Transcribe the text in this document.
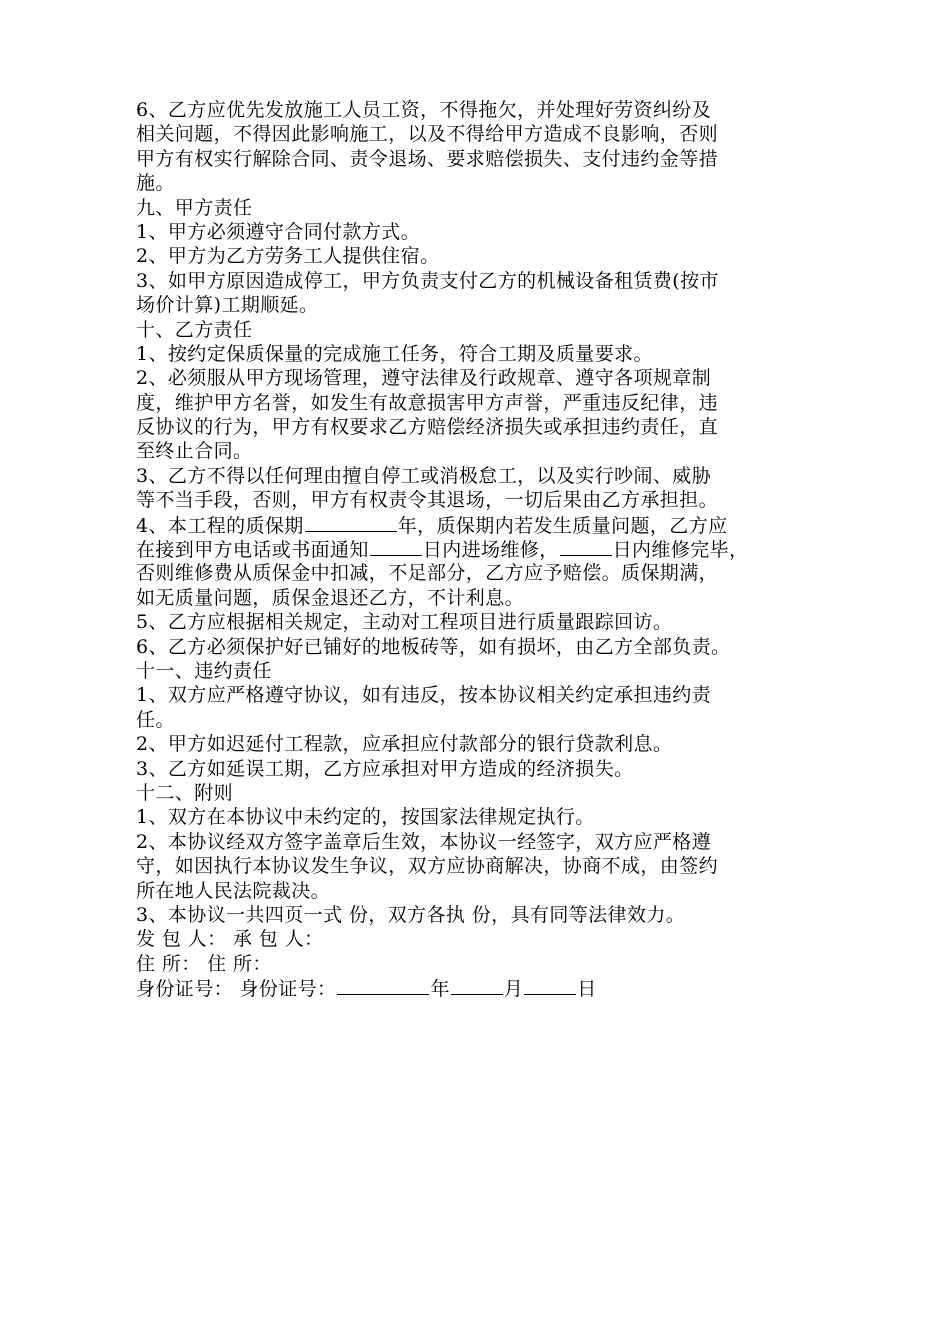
6、乙方应优先发放施工人员工资，不得拖欠，并处理好劳资纠纷及
相关问题，不得因此影响施工，以及不得给甲方造成不良影响，否则
甲方有权实行解除合同、责令退场、要求赔偿损失、支付违约金等措
施。
九、甲方责任
1、甲方必须遵守合同付款方式。
2、甲方为乙方劳务工人提供住宿。
3、如甲方原因造成停工，甲方负责支付乙方的机械设备租赁费(按市
场价计算)工期顺延。
十、乙方责任
1、按约定保质保量的完成施工任务，符合工期及质量要求。
2、必须服从甲方现场管理，遵守法律及行政规章、遵守各项规章制
度，维护甲方名誉，如发生有故意损害甲方声誉，严重违反纪律，违
反协议的行为，甲方有权要求乙方赔偿经济损失或承担违约责任，直
至终止合同。
3、乙方不得以任何理由擅自停工或消极怠工，以及实行吵闹、威胁
等不当手段，否则，甲方有权责令其退场，一切后果由乙方承担担。
4、本工程的质保期	年，质保期内若发生质量问题，乙方应
在接到甲方电话或书面通知	日内进场维修，	日内维修完毕，
否则维修费从质保金中扣减，不足部分，乙方应予赔偿。质保期满，
如无质量问题，质保金退还乙方，不计利息。
5、乙方应根据相关规定，主动对工程项目进行质量跟踪回访。
6、乙方必须保护好已铺好的地板砖等，如有损坏，由乙方全部负责。
十一、违约责任
1、双方应严格遵守协议，如有违反，按本协议相关约定承担违约责
任。
2、甲方如迟延付工程款，应承担应付款部分的银行贷款利息。
3、乙方如延误工期，乙方应承担对甲方造成的经济损失。
十二、附则
1、双方在本协议中未约定的，按国家法律规定执行。
2、本协议经双方签字盖章后生效，本协议一经签字，双方应严格遵
守，如因执行本协议发生争议，双方应协商解决，协商不成，由签约
所在地人民法院裁决。
3、本协议一共四页一式 份，双方各执 份，具有同等法律效力。
发 包 人： 承 包 人：
住 所： 住 所：
身份证号： 身份证号：	年	月	日
